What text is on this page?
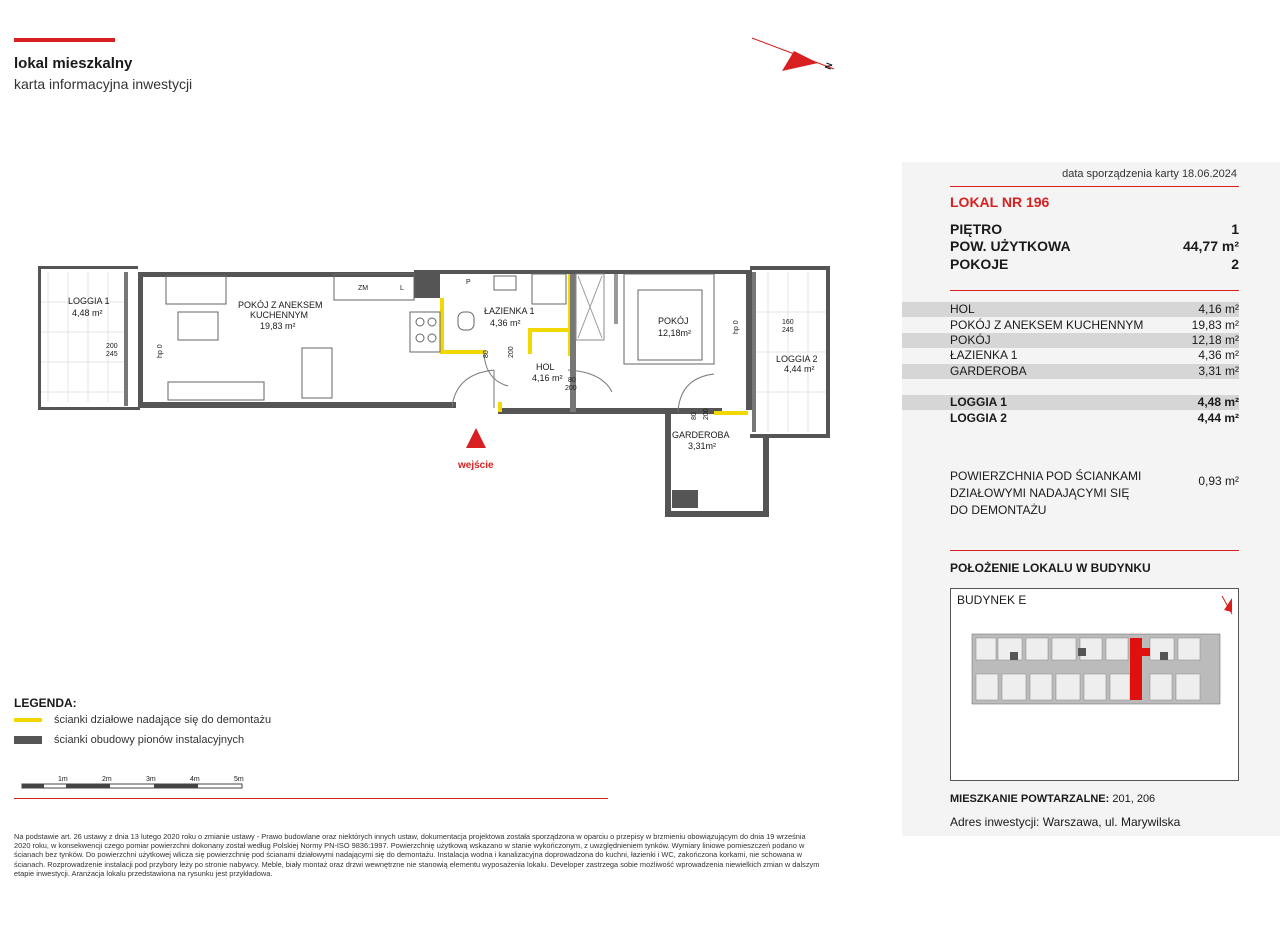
lokal mieszkalny
karta informacyjna inwestycji
N
LOGGIA 1
4,48 m²
POKÓJ Z ANEKSEM
KUCHENNYM
19,83 m²
ŁAZIENKA 1
4,36 m²	POKÓJ
12,18m²
HOL
4,16 m²
GARDEROBA
3,31m²
LOGGIA 2
4,44 m²
ZM	L
P
200
245	hp 0	80	200
80
200
80 200
160
245
hp 0
wejście
LEGENDA:
ścianki działowe nadające się do demontażu
ścianki obudowy pionów instalacyjnych
1m	2m	3m	4m	5m
Na podstawie art. 26 ustawy z dnia 13 lutego 2020 roku o zmianie ustawy - Prawo budowlane oraz niektórych innych ustaw, dokumentacja projektowa została sporządzona w oparciu o przepisy w brzmieniu obowiązującym do dnia 19 września 2020 roku, w konsekwencji czego pomiar powierzchni dokonany został według Polskiej Normy PN-ISO 9836:1997. Powierzchnię użytkową wskazano w stanie wykończonym, z uwzględnieniem tynków. Wymiary liniowe pomieszczeń podano w ścianach bez tynków. Do powierzchni użytkowej wlicza się powierzchnię pod ścianami działowymi nadającymi się do demontażu. Instalacja wodna i kanalizacyjna doprowadzona do kuchni, łazienki i WC, zakończona korkami, nie schowana w ścianach. Rozprowadzenie instalacji pod przybory leży po stronie nabywcy. Meble, biały montaż oraz drzwi wewnętrzne nie stanowią elementu wyposażenia lokalu. Developer zastrzega sobie możliwość wprowadzenia niewielkich zmian w dalszym etapie inwestycji. Aranżacja lokalu przedstawiona na rysunku jest przykładowa.
data sporządzenia karty 18.06.2024
LOKAL NR 196
PIĘTRO	1
POW. UŻYTKOWA	44,77 m²
POKOJE	2
HOL	4,16 m²
POKÓJ Z ANEKSEM KUCHENNYM	19,83 m²
POKÓJ	12,18 m²
ŁAZIENKA 1	4,36 m²
GARDEROBA	3,31 m²
LOGGIA 1	4,48 m²
LOGGIA 2	4,44 m²
POWIERZCHNIA POD ŚCIANKAMI
DZIAŁOWYMI NADAJĄCYMI SIĘ
DO DEMONTAŻU
0,93 m²
POŁOŻENIE LOKALU W BUDYNKU
BUDYNEK E
MIESZKANIE POWTARZALNE: 201, 206
Adres inwestycji: Warszawa, ul. Marywilska
